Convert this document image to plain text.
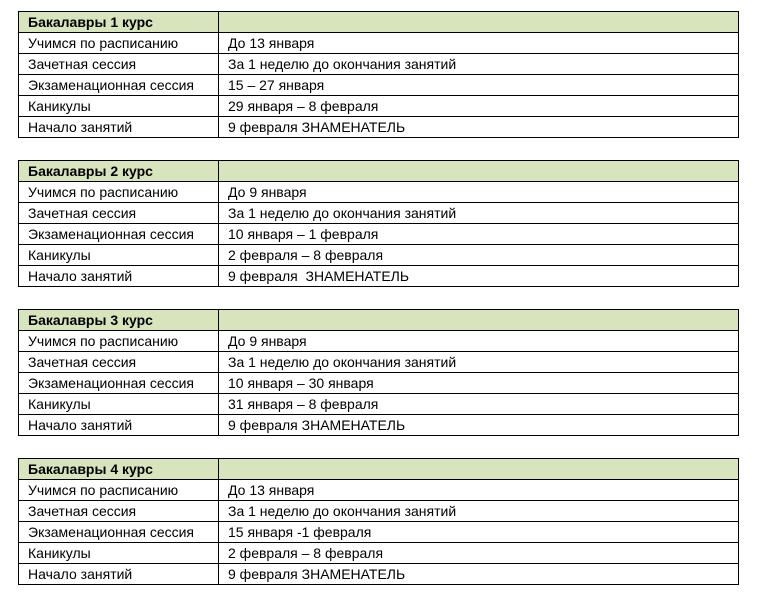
Бакалавры 1 курс	
Учимся по расписанию	До 13 января
Зачетная сессия	За 1 неделю до окончания занятий
Экзаменационная сессия	15 – 27 января
Каникулы	29 января – 8 февраля
Начало занятий	9 февраля ЗНАМЕНАТЕЛЬ
Бакалавры 2 курс	
Учимся по расписанию	До 9 января
Зачетная сессия	За 1 неделю до окончания занятий
Экзаменационная сессия	10 января – 1 февраля
Каникулы	2 февраля – 8 февраля
Начало занятий	9 февраля  ЗНАМЕНАТЕЛЬ
Бакалавры 3 курс	
Учимся по расписанию	До 9 января
Зачетная сессия	За 1 неделю до окончания занятий
Экзаменационная сессия	10 января – 30 января
Каникулы	31 января – 8 февраля
Начало занятий	9 февраля ЗНАМЕНАТЕЛЬ
Бакалавры 4 курс	
Учимся по расписанию	До 13 января
Зачетная сессия	За 1 неделю до окончания занятий
Экзаменационная сессия	15 января -1 февраля
Каникулы	2 февраля – 8 февраля
Начало занятий	9 февраля ЗНАМЕНАТЕЛЬ
